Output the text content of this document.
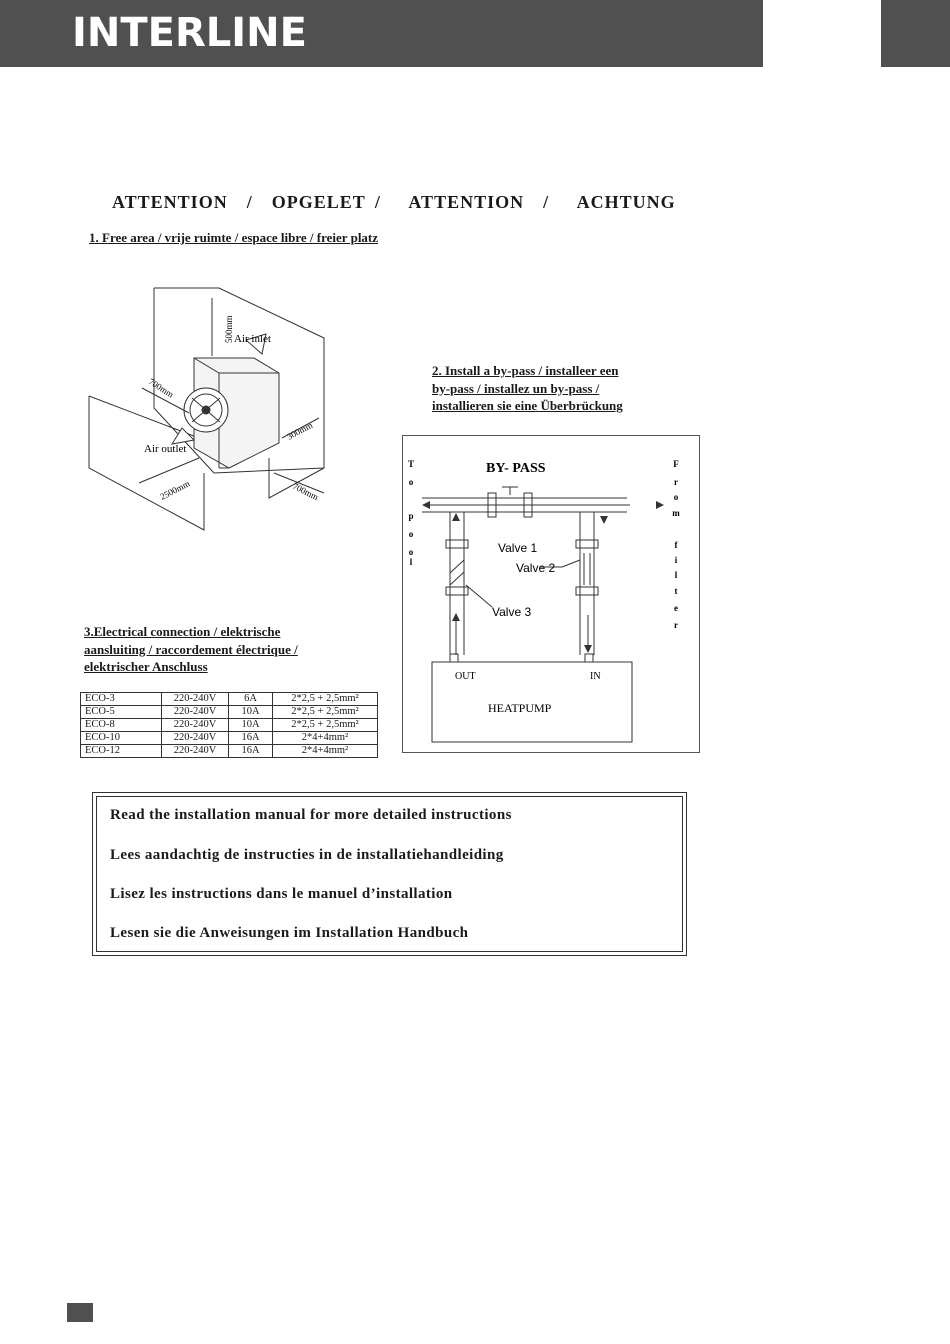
INTERLINE
ATTENTION  /  OPGELET /   ATTENTION  /   ACHTUNG
1. Free area / vrije ruimte / espace libre / freier platz
Air inlet
Air outlet
500mm
700mm
300mm
2500mm	700mm
2. Install a by-pass / installeer een
by-pass / installez un by-pass /
installieren sie eine Überbrückung
BY- PASS
Valve 1
Valve 2
Valve 3
OUT	IN
HEATPUMP
T
o
p
o
o
l
F
r
o
m
f
i
l
t
e
r
3.Electrical connection / elektrische
aansluiting / raccordement électrique /
elektrischer Anschluss
ECO-3	220-240V	6A	2*2,5 + 2,5mm²
ECO-5	220-240V	10A	2*2,5 + 2,5mm²
ECO-8	220-240V	10A	2*2,5 + 2,5mm²
ECO-10	220-240V	16A	2*4+4mm²
ECO-12	220-240V	16A	2*4+4mm²
Read the installation manual for more detailed instructions
Lees aandachtig de instructies in de installatiehandleiding
Lisez les instructions dans le manuel d’installation
Lesen sie die Anweisungen im Installation Handbuch
